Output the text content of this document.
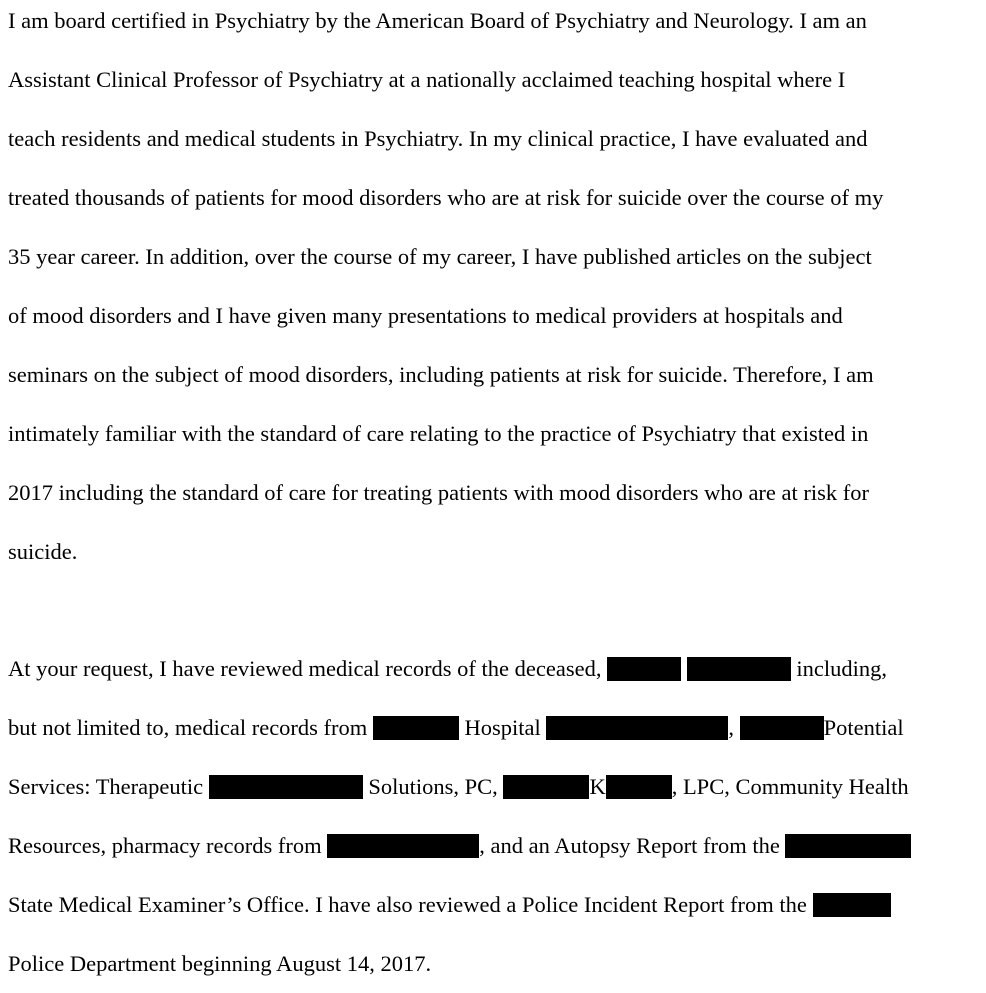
I am board certified in Psychiatry by the American Board of Psychiatry and Neurology. I am an
Assistant Clinical Professor of Psychiatry at a nationally acclaimed teaching hospital where I
teach residents and medical students in Psychiatry. In my clinical practice, I have evaluated and
treated thousands of patients for mood disorders who are at risk for suicide over the course of my
35 year career. In addition, over the course of my career, I have published articles on the subject
of mood disorders and I have given many presentations to medical providers at hospitals and
seminars on the subject of mood disorders, including patients at risk for suicide. Therefore, I am
intimately familiar with the standard of care relating to the practice of Psychiatry that existed in
2017 including the standard of care for treating patients with mood disorders who are at risk for
suicide.
At your request, I have reviewed medical records of the deceased,	including,
but not limited to, medical records from	Hospital	,	Potential
Services: Therapeutic	Solutions, PC,	K	, LPC, Community Health
Resources, pharmacy records from	, and an Autopsy Report from the
State Medical Examiner’s Office. I have also reviewed a Police Incident Report from the
Police Department beginning August 14, 2017.
